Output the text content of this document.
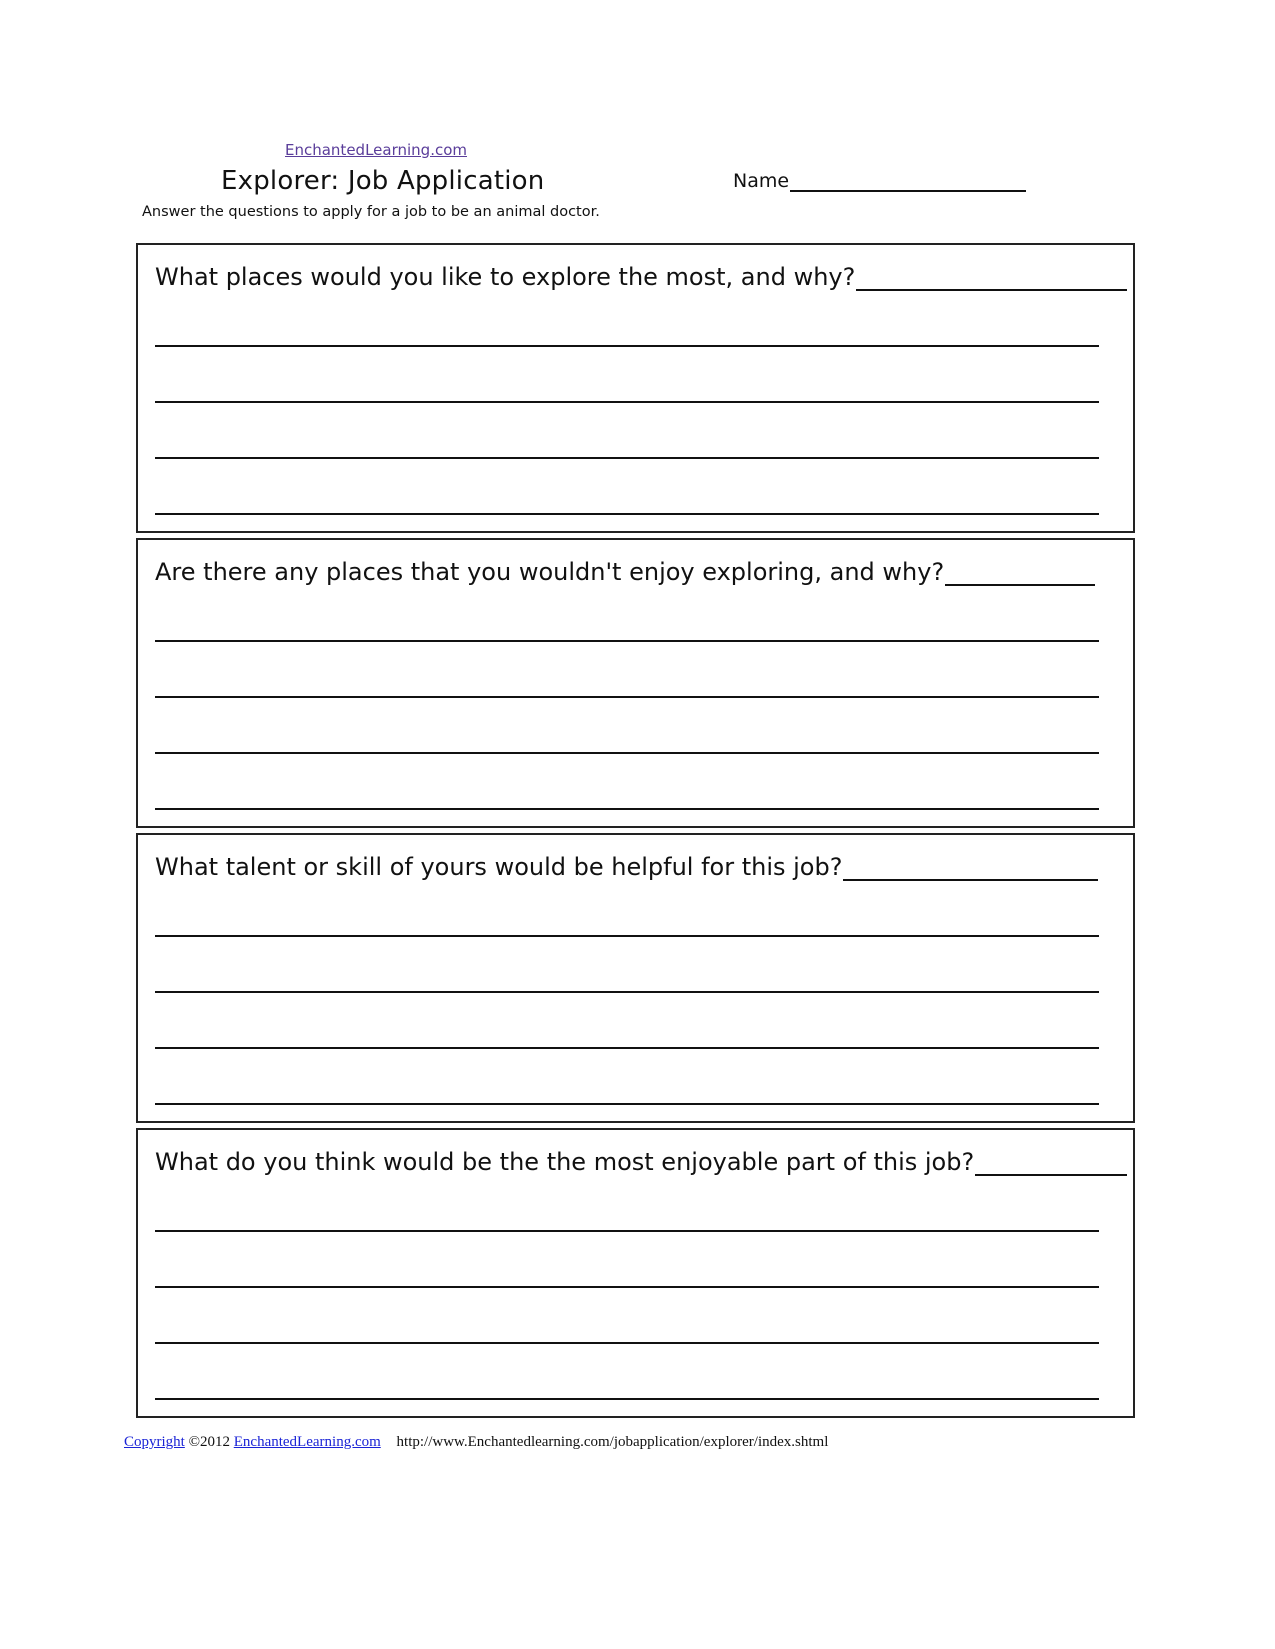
EnchantedLearning.com
Explorer: Job Application	Name
Answer the questions to apply for a job to be an animal doctor.
What places would you like to explore the most, and why?
Are there any places that you wouldn't enjoy exploring, and why?
What talent or skill of yours would be helpful for this job?
What do you think would be the the most enjoyable part of this job?
Copyright ©2012 EnchantedLearning.com http://www.Enchantedlearning.com/jobapplication/explorer/index.shtml
